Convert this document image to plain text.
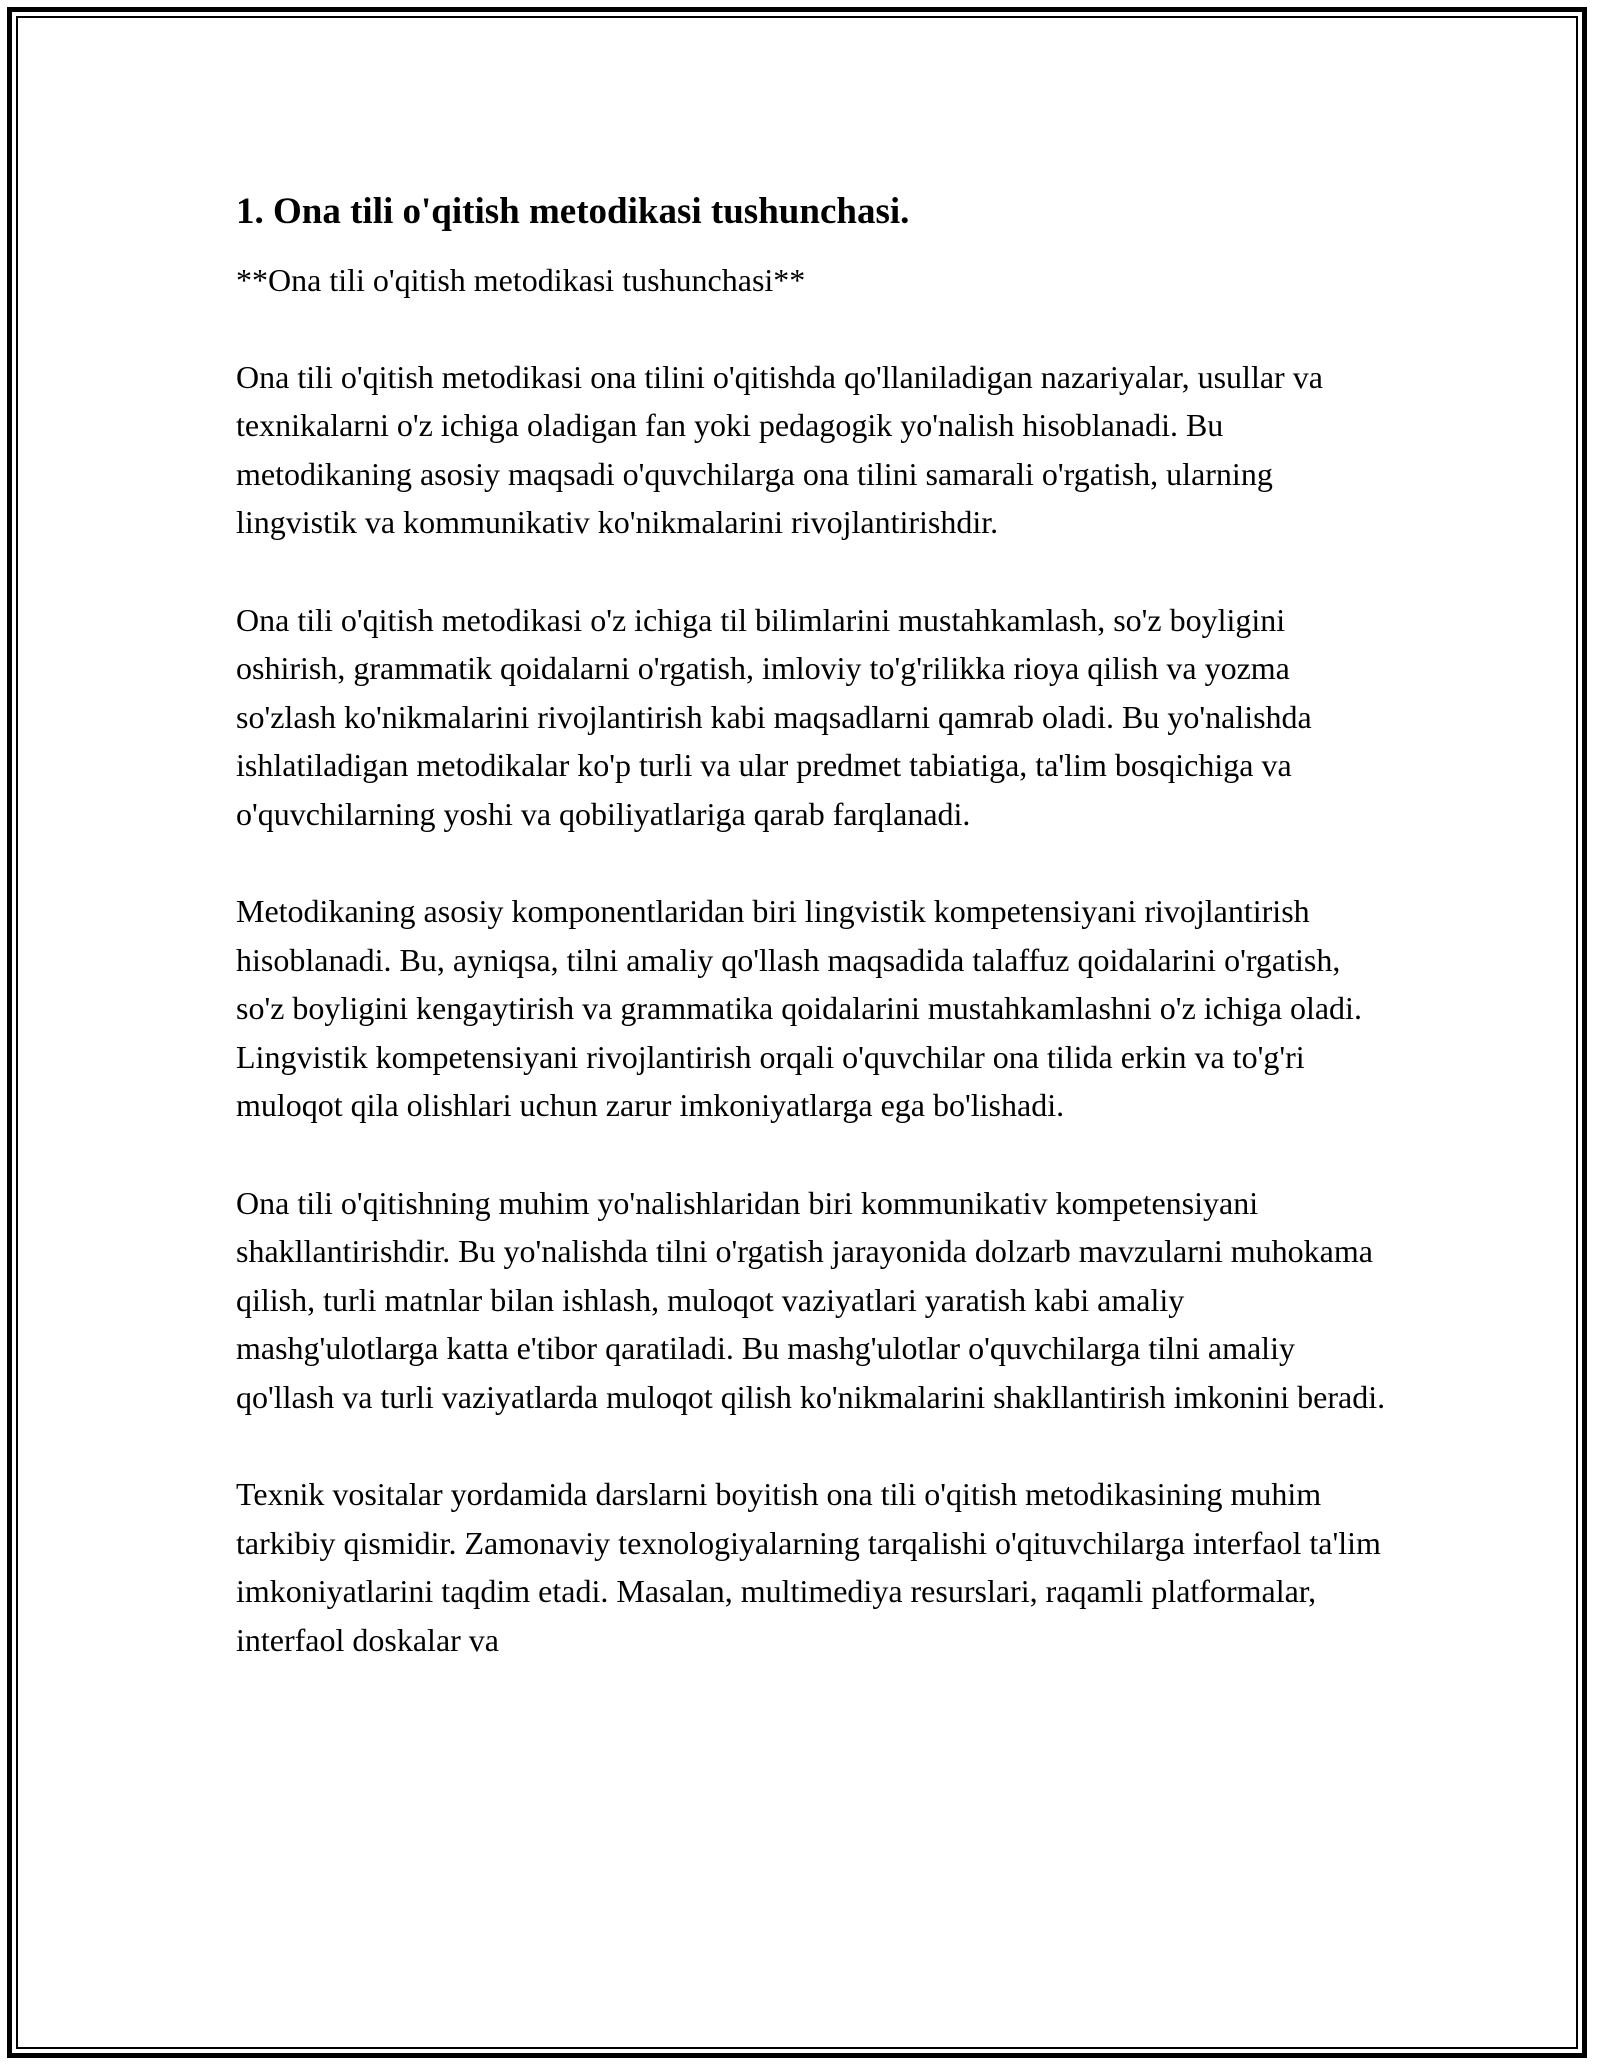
1. Ona tili o'qitish metodikasi tushunchasi.

**Ona tili o'qitish metodikasi tushunchasi**

Ona tili o'qitish metodikasi ona tilini o'qitishda qo'llaniladigan nazariyalar, usullar va texnikalarni o'z ichiga oladigan fan yoki pedagogik yo'nalish hisoblanadi. Bu metodikaning asosiy maqsadi o'quvchilarga ona tilini samarali o'rgatish, ularning lingvistik va kommunikativ ko'nikmalarini rivojlantirishdir.

Ona tili o'qitish metodikasi o'z ichiga til bilimlarini mustahkamlash, so'z boyligini oshirish, grammatik qoidalarni o'rgatish, imloviy to'g'rilikka rioya qilish va yozma so'zlash ko'nikmalarini rivojlantirish kabi maqsadlarni qamrab oladi. Bu yo'nalishda ishlatiladigan metodikalar ko'p turli va ular predmet tabiatiga, ta'lim bosqichiga va o'quvchilarning yoshi va qobiliyatlariga qarab farqlanadi.

Metodikaning asosiy komponentlaridan biri lingvistik kompetensiyani rivojlantirish hisoblanadi. Bu, ayniqsa, tilni amaliy qo'llash maqsadida talaffuz qoidalarini o'rgatish, so'z boyligini kengaytirish va grammatika qoidalarini mustahkamlashni o'z ichiga oladi. Lingvistik kompetensiyani rivojlantirish orqali o'quvchilar ona tilida erkin va to'g'ri muloqot qila olishlari uchun zarur imkoniyatlarga ega bo'lishadi.

Ona tili o'qitishning muhim yo'nalishlaridan biri kommunikativ kompetensiyani shakllantirishdir. Bu yo'nalishda tilni o'rgatish jarayonida dolzarb mavzularni muhokama qilish, turli matnlar bilan ishlash, muloqot vaziyatlari yaratish kabi amaliy mashg'ulotlarga katta e'tibor qaratiladi. Bu mashg'ulotlar o'quvchilarga tilni amaliy qo'llash va turli vaziyatlarda muloqot qilish ko'nikmalarini shakllantirish imkonini beradi.

Texnik vositalar yordamida darslarni boyitish ona tili o'qitish metodikasining muhim tarkibiy qismidir. Zamonaviy texnologiyalarning tarqalishi o'qituvchilarga interfaol ta'lim imkoniyatlarini taqdim etadi. Masalan, multimediya resurslari, raqamli platformalar, interfaol doskalar va
